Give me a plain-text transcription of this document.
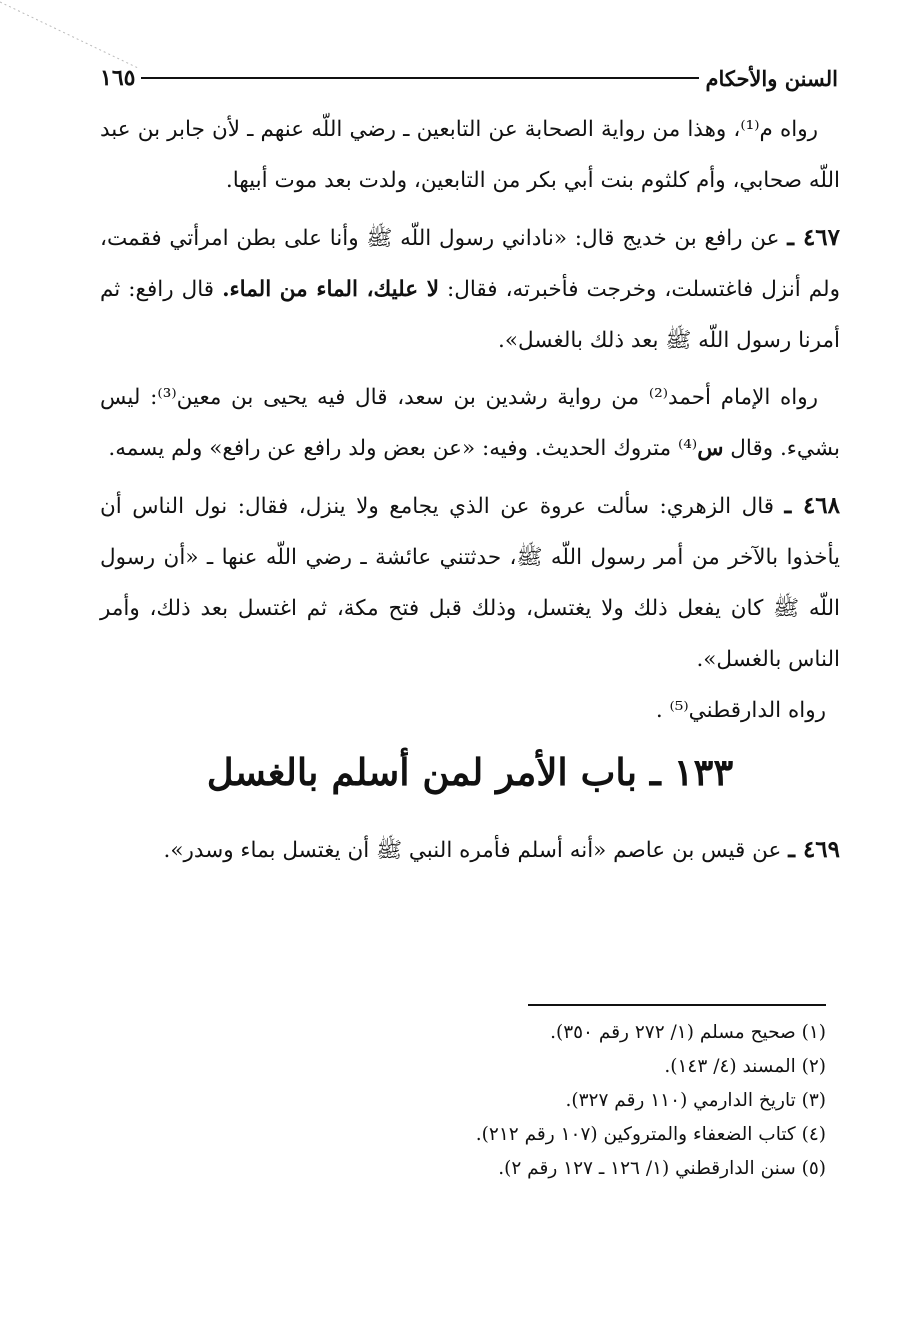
السنن والأحكام
١٦٥

رواه م⁽¹⁾، وهذا من رواية الصحابة عن التابعين ـ رضي اللّه عنهم ـ لأن جابر بن عبد اللّه صحابي، وأم كلثوم بنت أبي بكر من التابعين، ولدت بعد موت أبيها.

٤٦٧ ـ عن رافع بن خديج قال: «ناداني رسول اللّه ﷺ وأنا على بطن امرأتي فقمت، ولم أنزل فاغتسلت، وخرجت فأخبرته، فقال: لا عليك، الماء من الماء. قال رافع: ثم أمرنا رسول اللّه ﷺ بعد ذلك بالغسل».

رواه الإمام أحمد⁽²⁾ من رواية رشدين بن سعد، قال فيه يحيى بن معين⁽³⁾: ليس بشيء. وقال س⁽⁴⁾ متروك الحديث. وفيه: «عن بعض ولد رافع عن رافع» ولم يسمه.

٤٦٨ ـ قال الزهري: سألت عروة عن الذي يجامع ولا ينزل، فقال: نول الناس أن يأخذوا بالآخر من أمر رسول اللّه ﷺ، حدثتني عائشة ـ رضي اللّه عنها ـ «أن رسول اللّه ﷺ كان يفعل ذلك ولا يغتسل، وذلك قبل فتح مكة، ثم اغتسل بعد ذلك، وأمر الناس بالغسل».

رواه الدارقطني⁽⁵⁾ .

١٣٣ ـ باب الأمر لمن أسلم بالغسل

٤٦٩ ـ عن قيس بن عاصم «أنه أسلم فأمره النبي ﷺ أن يغتسل بماء وسدر».

(١) صحيح مسلم (١/ ٢٧٢ رقم ٣٥٠).

(٢) المسند (٤/ ١٤٣).

(٣) تاريخ الدارمي (١١٠ رقم ٣٢٧).

(٤) كتاب الضعفاء والمتروكين (١٠٧ رقم ٢١٢).

(٥) سنن الدارقطني (١/ ١٢٦ ـ ١٢٧ رقم ٢).
